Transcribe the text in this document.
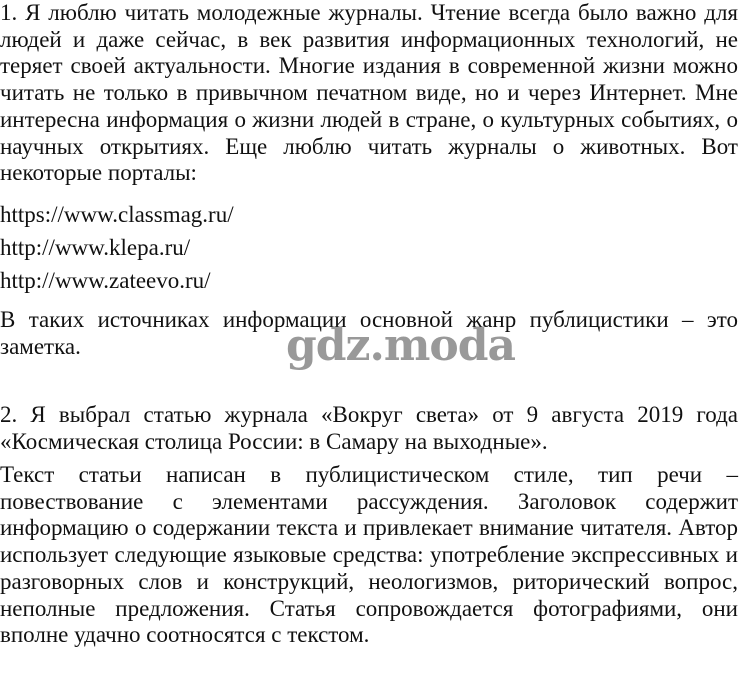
1. Я люблю читать молодежные журналы. Чтение всегда было важно для людей и даже сейчас, в век развития информационных технологий, не теряет своей актуальности. Многие издания в современной жизни можно читать не только в привычном печатном виде, но и через Интернет. Мне интересна информация о жизни людей в стране, о культурных событиях, о научных открытиях. Еще люблю читать журналы о животных. Вот некоторые порталы:

https://www.classmag.ru/

http://www.klepa.ru/

http://www.zateevo.ru/

В таких источниках информации основной жанр публицистики – это заметка.

2. Я выбрал статью журнала «Вокруг света» от 9 августа 2019 года «Космическая столица России: в Самару на выходные».

Текст статьи написан в публицистическом стиле, тип речи – повествование с элементами рассуждения. Заголовок содержит информацию о содержании текста и привлекает внимание читателя. Автор использует следующие языковые средства: употребление экспрессивных и разговорных слов и конструкций, неологизмов, риторический вопрос, неполные предложения. Статья сопровождается фотографиями, они вполне удачно соотносятся с текстом.

gdz.moda
